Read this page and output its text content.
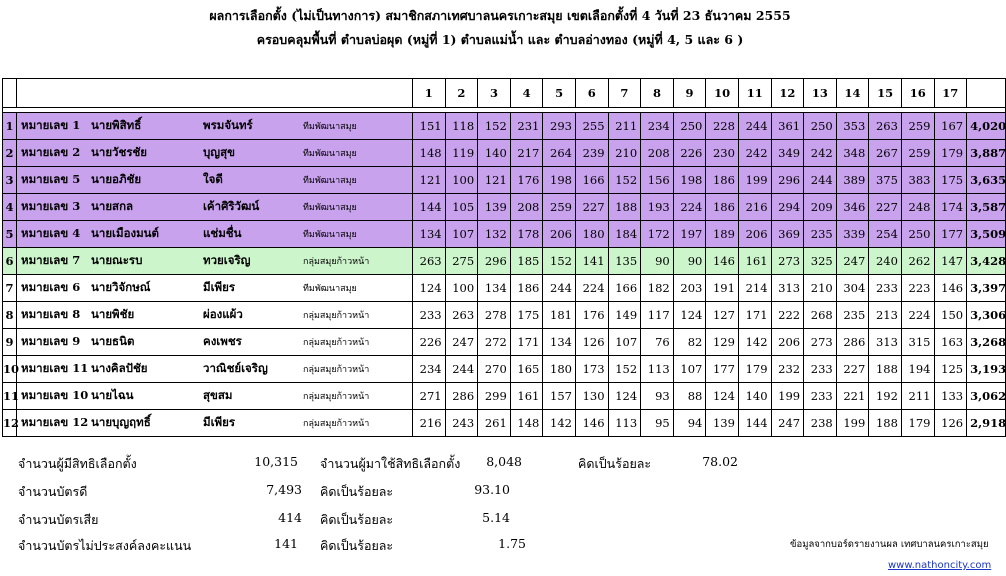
ผลการเลือกตั้ง (ไม่เป็นทางการ) สมาชิกสภาเทศบาลนครเกาะสมุย เขตเลือกตั้งที่ 4 วันที่ 23 ธันวาคม 2555
ครอบคลุมพื้นที่ ตำบลบ่อผุด (หมู่ที่ 1) ตำบลแม่น้ำ และ ตำบลอ่างทอง (หมู่ที่ 4, 5 และ 6 )
		1	2	3	4	5	6	7	8	9	10	11	12	13	14	15	16	17	

1	หมายเลข 1 นายพิสิทธิ์ พรมจันทร์ ทีมพัฒนาสมุย	151	118	152	231	293	255	211	234	250	228	244	361	250	353	263	259	167	4,020
2	หมายเลข 2 นายวัชรชัย บุญสุข ทีมพัฒนาสมุย	148	119	140	217	264	239	210	208	226	230	242	349	242	348	267	259	179	3,887
3	หมายเลข 5 นายอภิชัย ใจดี ทีมพัฒนาสมุย	121	100	121	176	198	166	152	156	198	186	199	296	244	389	375	383	175	3,635
4	หมายเลข 3 นายสกล เค้าศิริวัฒน์ ทีมพัฒนาสมุย	144	105	139	208	259	227	188	193	224	186	216	294	209	346	227	248	174	3,587
5	หมายเลข 4 นายเมืองมนต์ แช่มชื่น ทีมพัฒนาสมุย	134	107	132	178	206	180	184	172	197	189	206	369	235	339	254	250	177	3,509
6	หมายเลข 7 นายณะรบ ทวยเจริญ กลุ่มสมุยก้าวหน้า	263	275	296	185	152	141	135	90	90	146	161	273	325	247	240	262	147	3,428
7	หมายเลข 6 นายวิจักษณ์ มีเพียร ทีมพัฒนาสมุย	124	100	134	186	244	224	166	182	203	191	214	313	210	304	233	223	146	3,397
8	หมายเลข 8 นายพิชัย ผ่องแผ้ว กลุ่มสมุยก้าวหน้า	233	263	278	175	181	176	149	117	124	127	171	222	268	235	213	224	150	3,306
9	หมายเลข 9 นายธนิต คงเพชร กลุ่มสมุยก้าวหน้า	226	247	272	171	134	126	107	76	82	129	142	206	273	286	313	315	163	3,268
10	หมายเลข 11 นางคิลปัชัย วาณิชย์เจริญ กลุ่มสมุยก้าวหน้า	234	244	270	165	180	173	152	113	107	177	179	232	233	227	188	194	125	3,193
11	หมายเลข 10 นายไฉน สุขสม กลุ่มสมุยก้าวหน้า	271	286	299	161	157	130	124	93	88	124	140	199	233	221	192	211	133	3,062
12	หมายเลข 12 นายบุญฤทธิ์ มีเพียร กลุ่มสมุยก้าวหน้า	216	243	261	148	142	146	113	95	94	139	144	247	238	199	188	179	126	2,918
จำนวนผู้มีสิทธิเลือกตั้ง	10,315 จำนวนผู้มาใช้สิทธิเลือกตั้ง	8,048	คิดเป็นร้อยละ	78.02
จำนวนบัตรดี	7,493 คิดเป็นร้อยละ	93.10
จำนวนบัตรเสีย	414 คิดเป็นร้อยละ	5.14
จำนวนบัตรไม่ประสงค์ลงคะแนน	141 คิดเป็นร้อยละ	1.75	ข้อมูลจากบอร์ดรายงานผล เทศบาลนครเกาะสมุย
www.nathoncity.com
